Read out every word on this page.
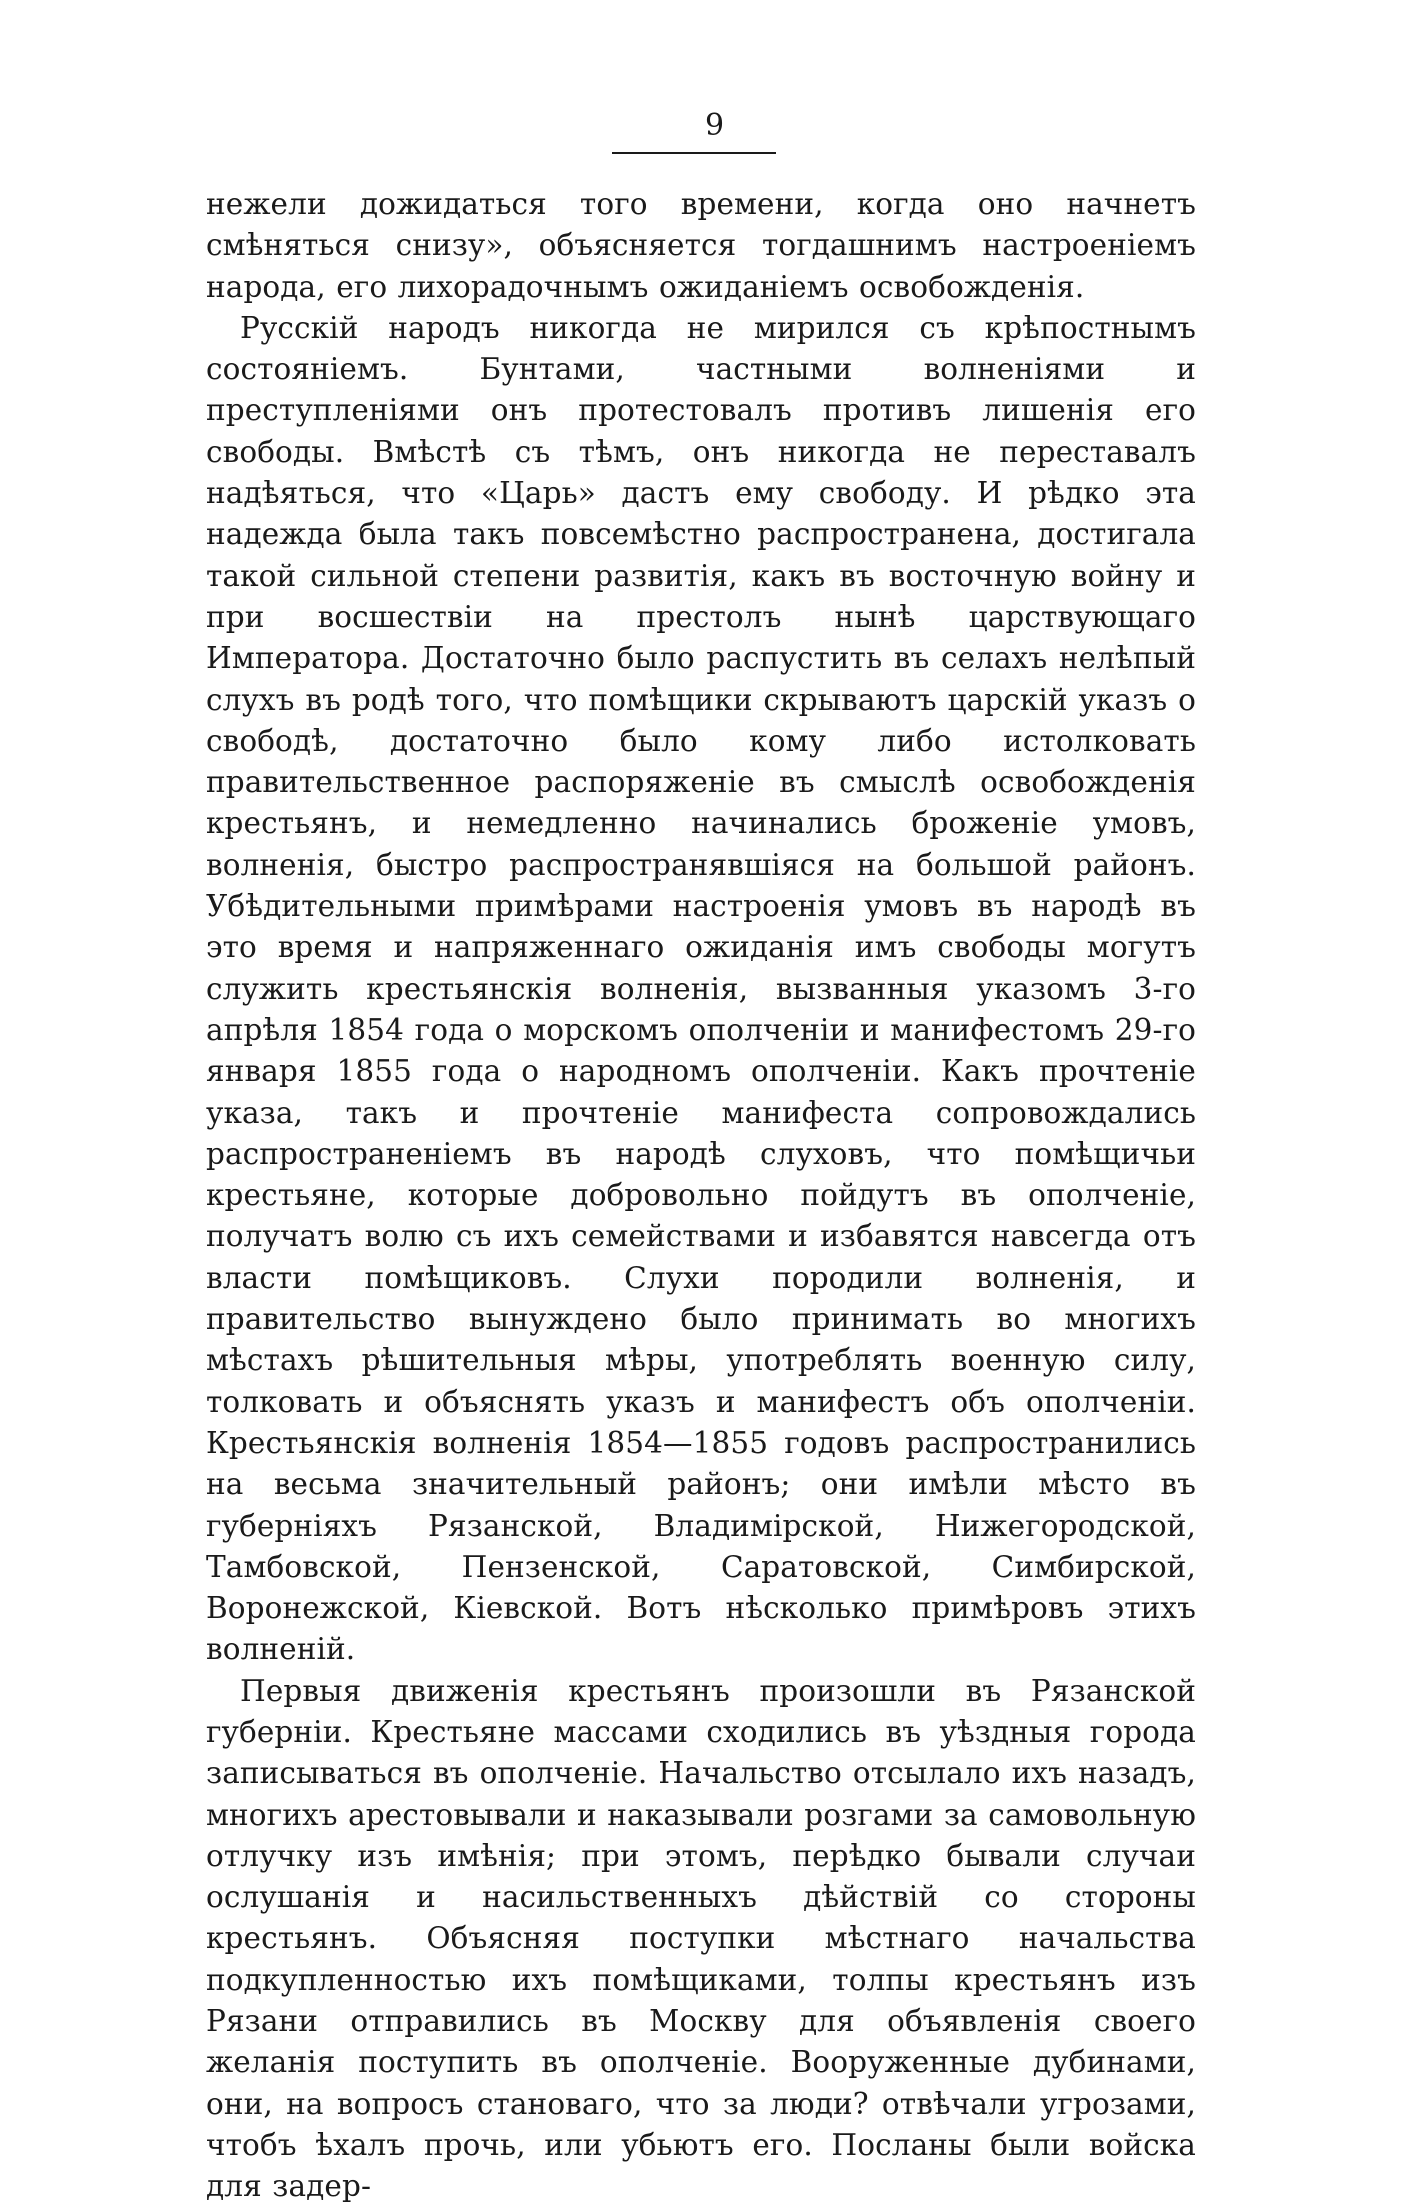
9

нежели дожидаться того времени, когда оно начнетъ смѣняться снизу», объясняется тогдашнимъ настроеніемъ народа, его лихорадочнымъ ожиданіемъ освобожденія.

Русскій народъ никогда не мирился съ крѣпостнымъ состояніемъ. Бунтами, частными волненіями и преступленіями онъ протестовалъ противъ лишенія его свободы. Вмѣстѣ съ тѣмъ, онъ никогда не переставалъ надѣяться, что «Царь» дастъ ему свободу. И рѣдко эта надежда была такъ повсемѣстно распространена, достигала такой сильной степени развитія, какъ въ восточную войну и при восшествіи на престолъ нынѣ царствующаго Императора. Достаточно было распустить въ селахъ нелѣпый слухъ въ родѣ того, что помѣщики скрываютъ царскій указъ о свободѣ, достаточно было кому либо истолковать правительственное распоряженіе въ смыслѣ освобожденія крестьянъ, и немедленно начинались броженіе умовъ, волненія, быстро распространявшіяся на большой районъ. Убѣдительными примѣрами настроенія умовъ въ народѣ въ это время и напряженнаго ожиданія имъ свободы могутъ служить крестьянскія волненія, вызванныя указомъ 3-го апрѣля 1854 года о морскомъ ополченіи и манифестомъ 29-го января 1855 года о народномъ ополченіи. Какъ прочтеніе указа, такъ и прочтеніе манифеста сопровождались распространеніемъ въ народѣ слуховъ, что помѣщичьи крестьяне, которые добровольно пойдутъ въ ополченіе, получатъ волю съ ихъ семействами и избавятся навсегда отъ власти помѣщиковъ. Слухи породили волненія, и правительство вынуждено было принимать во многихъ мѣстахъ рѣшительныя мѣры, употреблять военную силу, толковать и объяснять указъ и манифестъ объ ополченіи. Крестьянскія волненія 1854—1855 годовъ распространились на весьма значительный районъ; они имѣли мѣсто въ губерніяхъ Рязанской, Владимірской, Нижегородской, Тамбовской, Пензенской, Саратовской, Симбирской, Воронежской, Кіевской. Вотъ нѣсколько примѣровъ этихъ волненій.

Первыя движенія крестьянъ произошли въ Рязанской губерніи. Крестьяне массами сходились въ уѣздныя города записываться въ ополченіе. Начальство отсылало ихъ назадъ, многихъ арестовывали и наказывали розгами за самовольную отлучку изъ имѣнія; при этомъ, перѣдко бывали случаи ослушанія и насильственныхъ дѣйствій со стороны крестьянъ. Объясняя поступки мѣстнаго начальства подкупленностью ихъ помѣщиками, толпы крестьянъ изъ Рязани отправились въ Москву для объявленія своего желанія поступить въ ополченіе. Вооруженные дубинами, они, на вопросъ становаго, что за люди? отвѣчали угрозами, чтобъ ѣхалъ прочь, или убьютъ его. Посланы были войска для задер-
